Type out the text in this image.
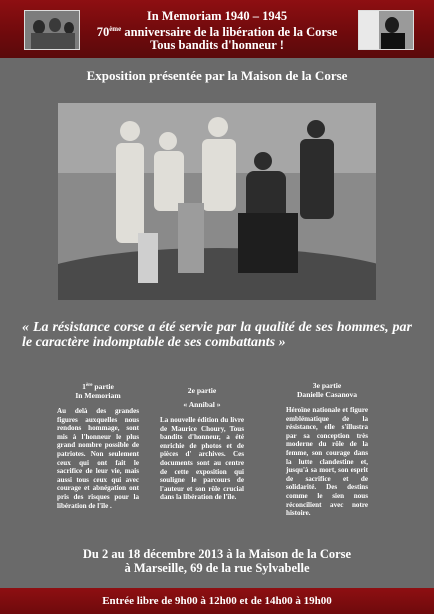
In Memoriam 1940 – 1945
70ème anniversaire de la libération de la Corse
Tous bandits d'honneur !
Exposition présentée par la Maison de la Corse
« La résistance corse a été servie par la qualité de ses hommes, par le caractère indomptable de ses combattants »
1ère partie
In Memoriam
Au delà des grandes figures auxquelles nous rendons hommage, sont mis à l'honneur le plus grand nombre possible de patriotes. Non seulement ceux qui ont fait le sacrifice de leur vie, mais aussi tous ceux qui avec courage et abnégation ont pris des risques pour la libération de l'île .
2e partie
« Annibal »
La nouvelle édition du livre de Maurice Choury, Tous bandits d'honneur, a été enrichie de photos et de pièces d' archives. Ces documents sont au centre de cette exposition qui souligne le parcours de l'auteur et son rôle crucial dans la libération de l'île.
3e partie
Danielle Casanova
Héroïne nationale et figure emblématique de la résistance, elle s'illustra par sa conception très moderne du rôle de la femme, son courage dans la lutte clandestine et, jusqu'à sa mort, son esprit de sacrifice et de solidarité. Des destins comme le sien nous réconcilient avec notre histoire.
Du 2 au 18 décembre 2013 à la Maison de la Corse
à Marseille, 69 de la rue Sylvabelle
Entrée libre de 9h00 à 12h00 et de 14h00 à 19h00
